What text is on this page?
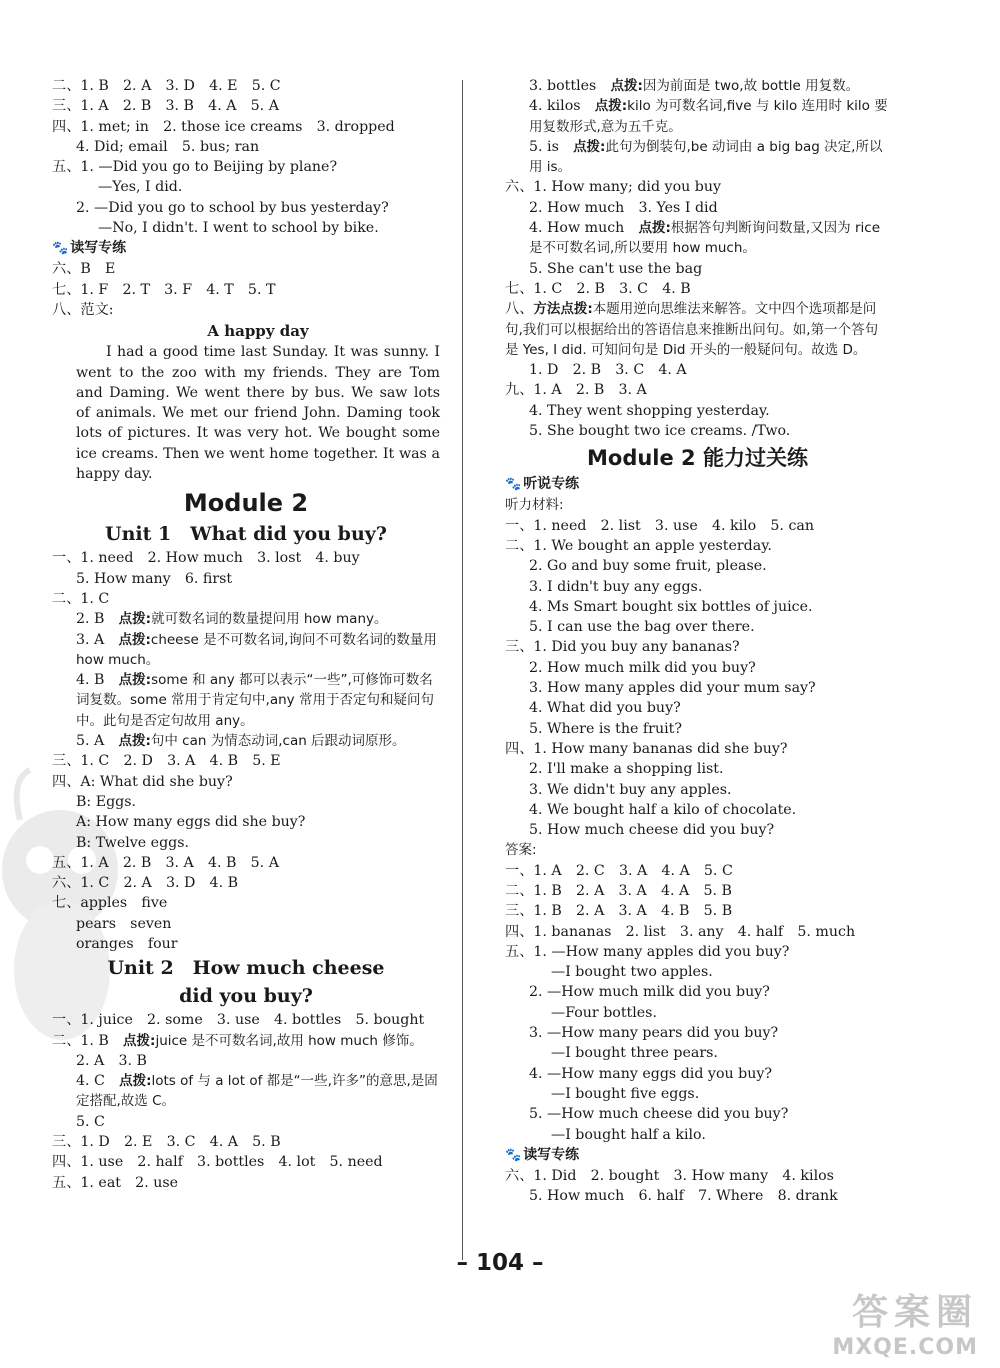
二、1. B　2. A　3. D　4. E　5. C
三、1. A　2. B　3. B　4. A　5. A
四、1. met; in　2. those ice creams　3. dropped
4. Did; email　5. bus; ran
五、1. —Did you go to Beijing by plane?
—Yes, I did.
2. —Did you go to school by bus yesterday?
—No, I didn't. I went to school by bike.
🐾 读写专练
六、B　E
七、1. F　2. T　3. F　4. T　5. T
八、范文:
A happy day
I had a good time last Sunday. It was sunny. I went to the zoo with my friends. They are Tom and Daming. We went there by bus. We saw lots of animals. We met our friend John. Daming took lots of pictures. It was very hot. We bought some ice creams. Then we went home together. It was a happy day.
Module 2
Unit 1　What did you buy?
一、1. need　2. How much　3. lost　4. buy
5. How many　6. first
二、1. C
2. B　点拨:就可数名词的数量提问用 how many。
3. A　点拨:cheese 是不可数名词,询问不可数名词的数量用 how much。
4. B　点拨:some 和 any 都可以表示“一些”,可修饰可数名词复数。some 常用于肯定句中,any 常用于否定句和疑问句中。此句是否定句故用 any。
5. A　点拨:句中 can 为情态动词,can 后跟动词原形。
三、1. C　2. D　3. A　4. B　5. E
四、A: What did she buy?
B: Eggs.
A: How many eggs did she buy?
B: Twelve eggs.
五、1. A　2. B　3. A　4. B　5. A
六、1. C　2. A　3. D　4. B
七、apples　five
pears　seven
oranges　four
Unit 2　How much cheese
did you buy?
一、1. juice　2. some　3. use　4. bottles　5. bought
二、1. B　点拨:juice 是不可数名词,故用 how much 修饰。
2. A　3. B
4. C　点拨:lots of 与 a lot of 都是“一些,许多”的意思,是固定搭配,故选 C。
5. C
三、1. D　2. E　3. C　4. A　5. B
四、1. use　2. half　3. bottles　4. lot　5. need
五、1. eat　2. use
3. bottles　点拨:因为前面是 two,故 bottle 用复数。
4. kilos　点拨:kilo 为可数名词,five 与 kilo 连用时 kilo 要用复数形式,意为五千克。
5. is　点拨:此句为倒装句,be 动词由 a big bag 决定,所以用 is。
六、1. How many; did you buy
2. How much　3. Yes I did
4. How much　点拨:根据答句判断询问数量,又因为 rice 是不可数名词,所以要用 how much。
5. She can't use the bag
七、1. C　2. B　3. C　4. B
八、方法点拨:本题用逆向思维法来解答。文中四个选项都是问句,我们可以根据给出的答语信息来推断出问句。如,第一个答句是 Yes, I did. 可知问句是 Did 开头的一般疑问句。故选 D。
1. D　2. B　3. C　4. A
九、1. A　2. B　3. A
4. They went shopping yesterday.
5. She bought two ice creams. /Two.
Module 2 能力过关练
🐾 听说专练
听力材料:
一、1. need　2. list　3. use　4. kilo　5. can
二、1. We bought an apple yesterday.
2. Go and buy some fruit, please.
3. I didn't buy any eggs.
4. Ms Smart bought six bottles of juice.
5. I can use the bag over there.
三、1. Did you buy any bananas?
2. How much milk did you buy?
3. How many apples did your mum say?
4. What did you buy?
5. Where is the fruit?
四、1. How many bananas did she buy?
2. I'll make a shopping list.
3. We didn't buy any apples.
4. We bought half a kilo of chocolate.
5. How much cheese did you buy?
答案:
一、1. A　2. C　3. A　4. A　5. C
二、1. B　2. A　3. A　4. A　5. B
三、1. B　2. A　3. A　4. B　5. B
四、1. bananas　2. list　3. any　4. half　5. much
五、1. —How many apples did you buy?
—I bought two apples.
2. —How much milk did you buy?
—Four bottles.
3. —How many pears did you buy?
—I bought three pears.
4. —How many eggs did you buy?
—I bought five eggs.
5. —How much cheese did you buy?
—I bought half a kilo.
🐾 读写专练
六、1. Did　2. bought　3. How many　4. kilos
5. How much　6. half　7. Where　8. drank
– 104 –
答案圈
MXQE.COM
